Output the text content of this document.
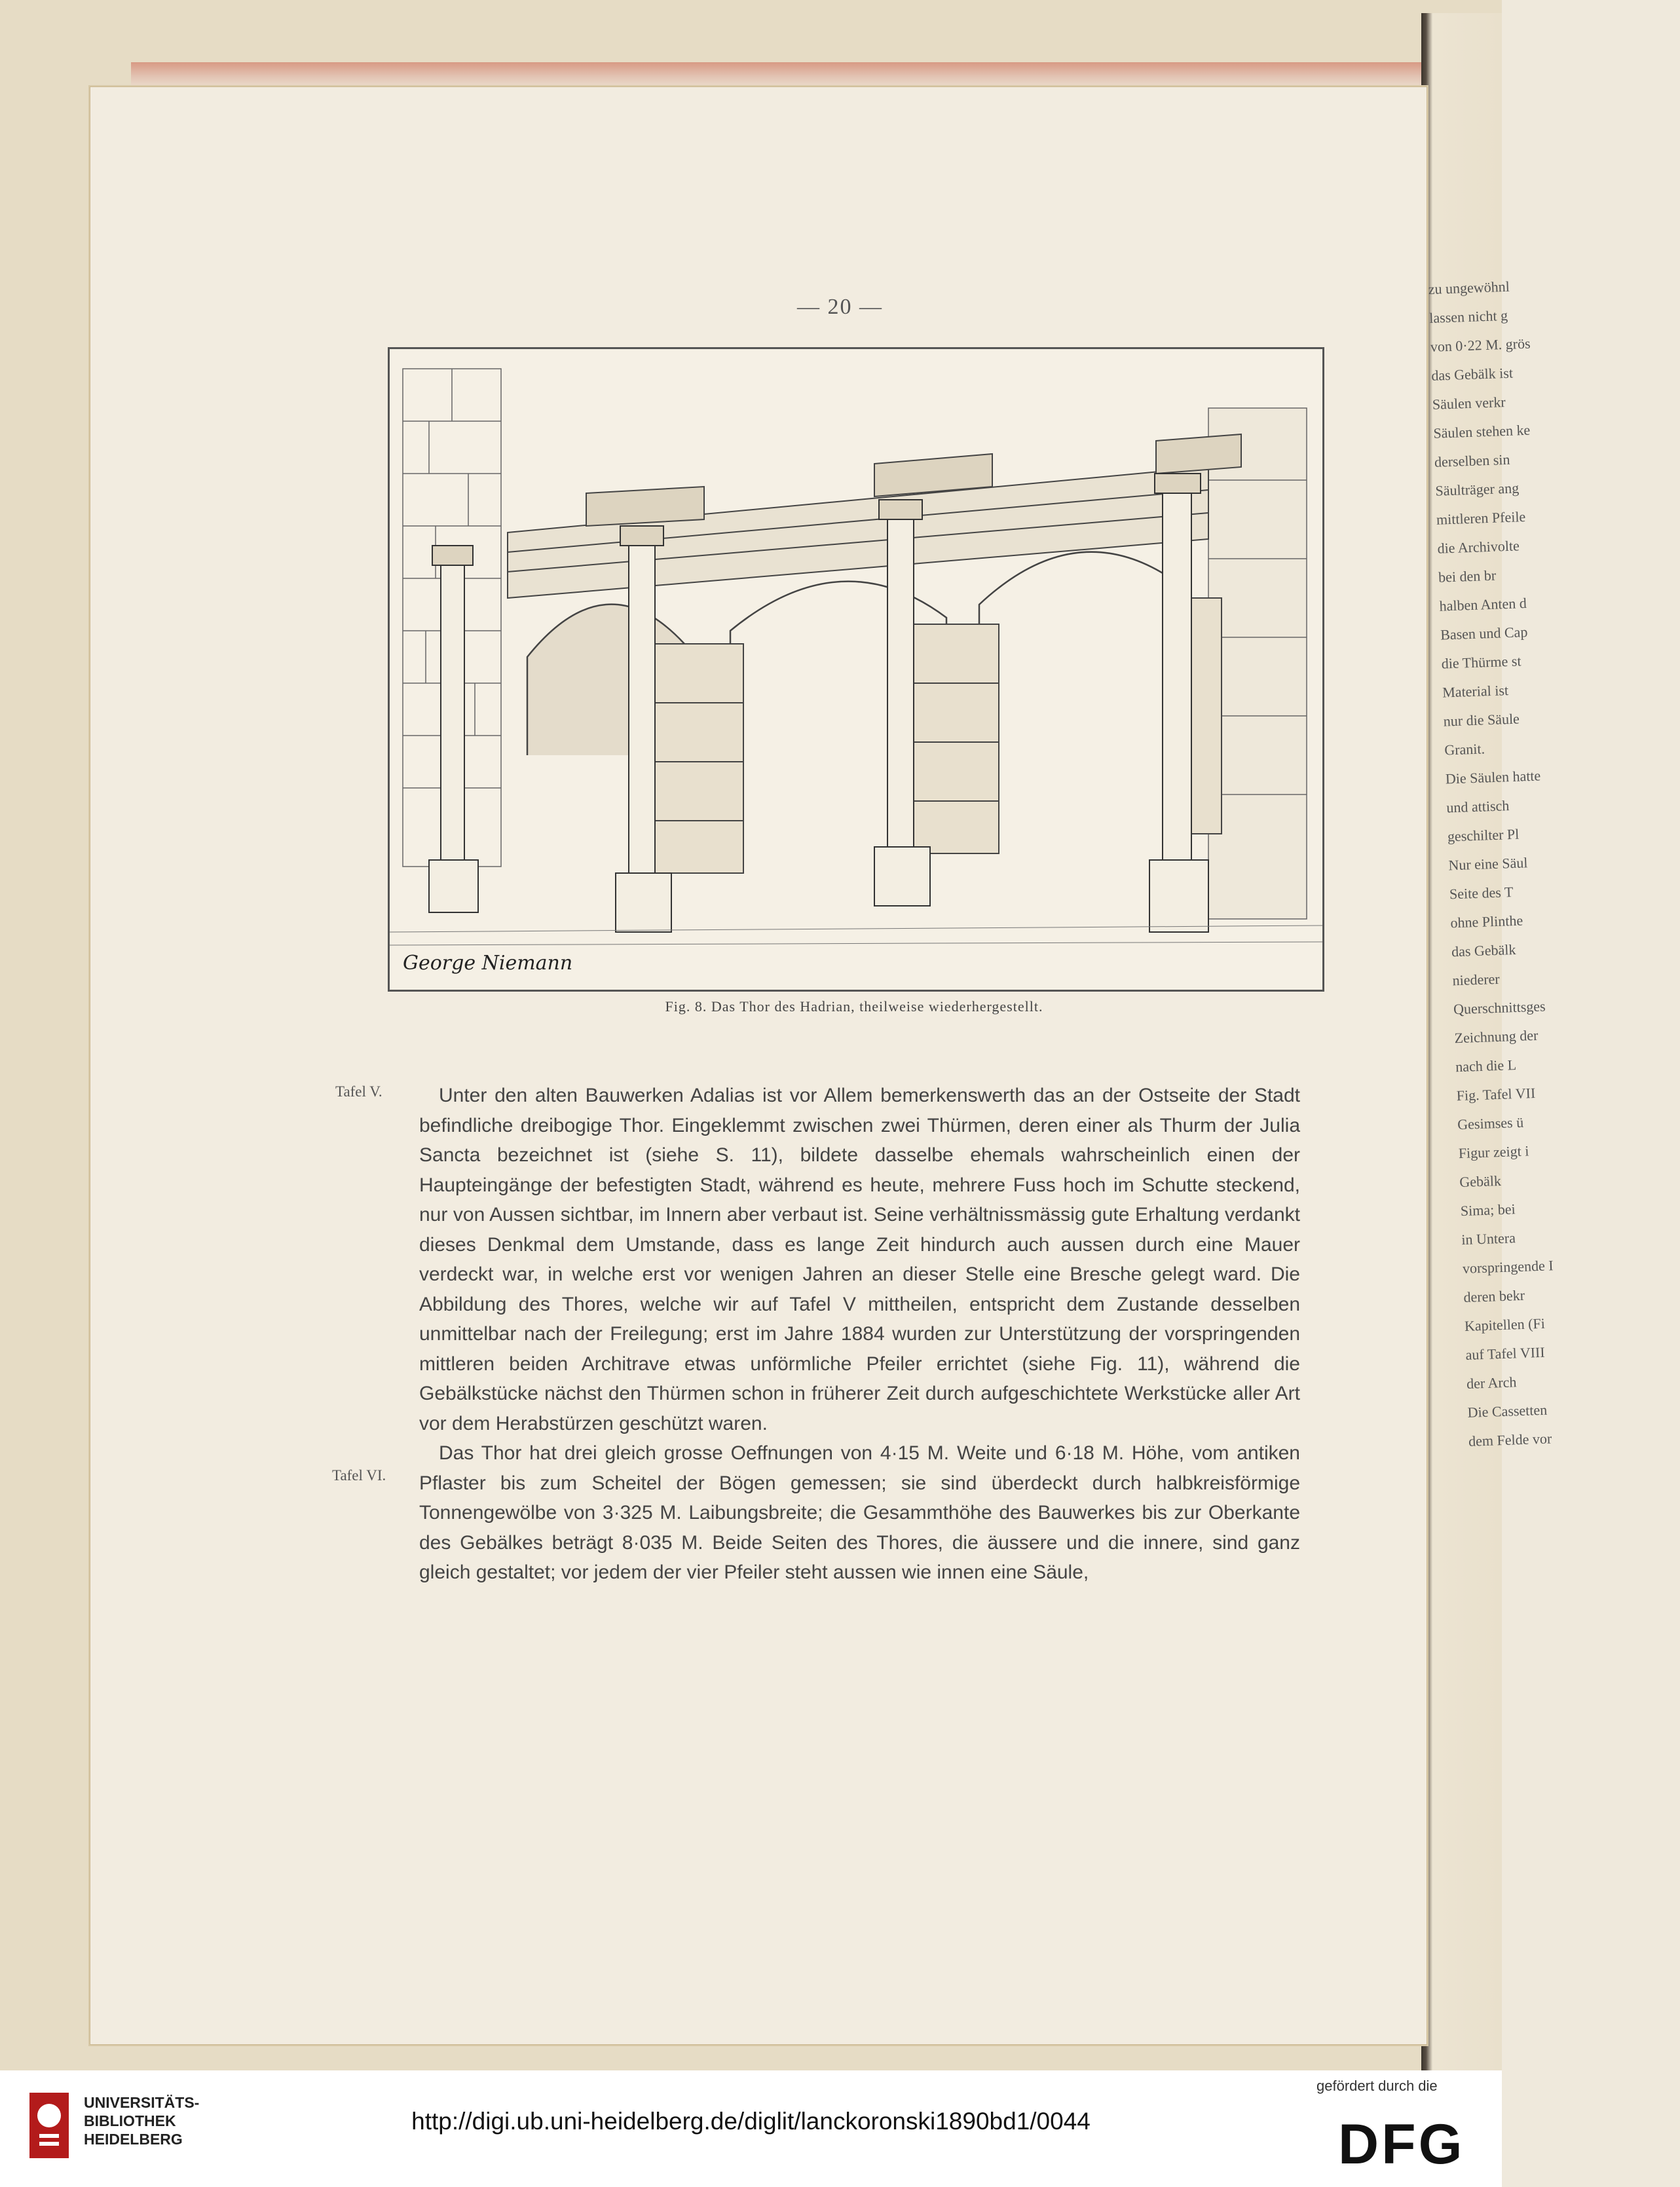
— 20 —
George Niemann
Fig. 8. Das Thor des Hadrian, theilweise wiederhergestellt.
Tafel V.
Tafel VI.

Unter den alten Bauwerken Adalias ist vor Allem bemerkenswerth das an der Ostseite der Stadt befindliche dreibogige Thor. Eingeklemmt zwischen zwei Thürmen, deren einer als Thurm der Julia Sancta bezeichnet ist (siehe S. 11), bildete dasselbe ehemals wahrscheinlich einen der Haupteingänge der befestigten Stadt, während es heute, mehrere Fuss hoch im Schutte steckend, nur von Aussen sichtbar, im Innern aber verbaut ist. Seine verhältnissmässig gute Erhaltung verdankt dieses Denkmal dem Umstande, dass es lange Zeit hindurch auch aussen durch eine Mauer verdeckt war, in welche erst vor wenigen Jahren an dieser Stelle eine Bresche gelegt ward. Die Abbildung des Thores, welche wir auf Tafel V mittheilen, entspricht dem Zustande desselben unmittelbar nach der Freilegung; erst im Jahre 1884 wurden zur Unterstützung der vorspringenden mittleren beiden Architrave etwas unförmliche Pfeiler errichtet (siehe Fig. 11), während die Gebälkstücke nächst den Thürmen schon in früherer Zeit durch aufgeschichtete Werkstücke aller Art vor dem Herabstürzen geschützt waren.

Das Thor hat drei gleich grosse Oeffnungen von 4·15 M. Weite und 6·18 M. Höhe, vom antiken Pflaster bis zum Scheitel der Bögen gemessen; sie sind überdeckt durch halbkreisförmige Tonnengewölbe von 3·325 M. Laibungsbreite; die Gesammthöhe des Bauwerkes bis zur Oberkante des Gebälkes beträgt 8·035 M. Beide Seiten des Thores, die äussere und die innere, sind ganz gleich gestaltet; vor jedem der vier Pfeiler steht aussen wie innen eine Säule,

zu ungewöhnl
lassen nicht g
von 0·22 M. grös
das Gebälk ist
Säulen verkr
Säulen stehen ke
derselben sin
Säulträger ang
mittleren Pfeile
die Archivolte
bei den br
halben Anten d
Basen und Cap
die Thürme st
Material ist
nur die Säule
Granit.
Die Säulen hatte
und attisch
geschilter Pl
Nur eine Säul
Seite des T
ohne Plinthe
das Gebälk
niederer
Querschnittsges
Zeichnung der
nach die L
Fig. Tafel VII
Gesimses ü
Figur zeigt i
Gebälk
Sima; bei
in Untera
vorspringende I
deren bekr
Kapitellen (Fi
auf Tafel VIII
der Arch
Die Cassetten
dem Felde vor
UNIVERSITÄTS-
BIBLIOTHEK
HEIDELBERG
http://digi.ub.uni-heidelberg.de/diglit/lanckoronski1890bd1/0044
gefördert durch die
DFG
